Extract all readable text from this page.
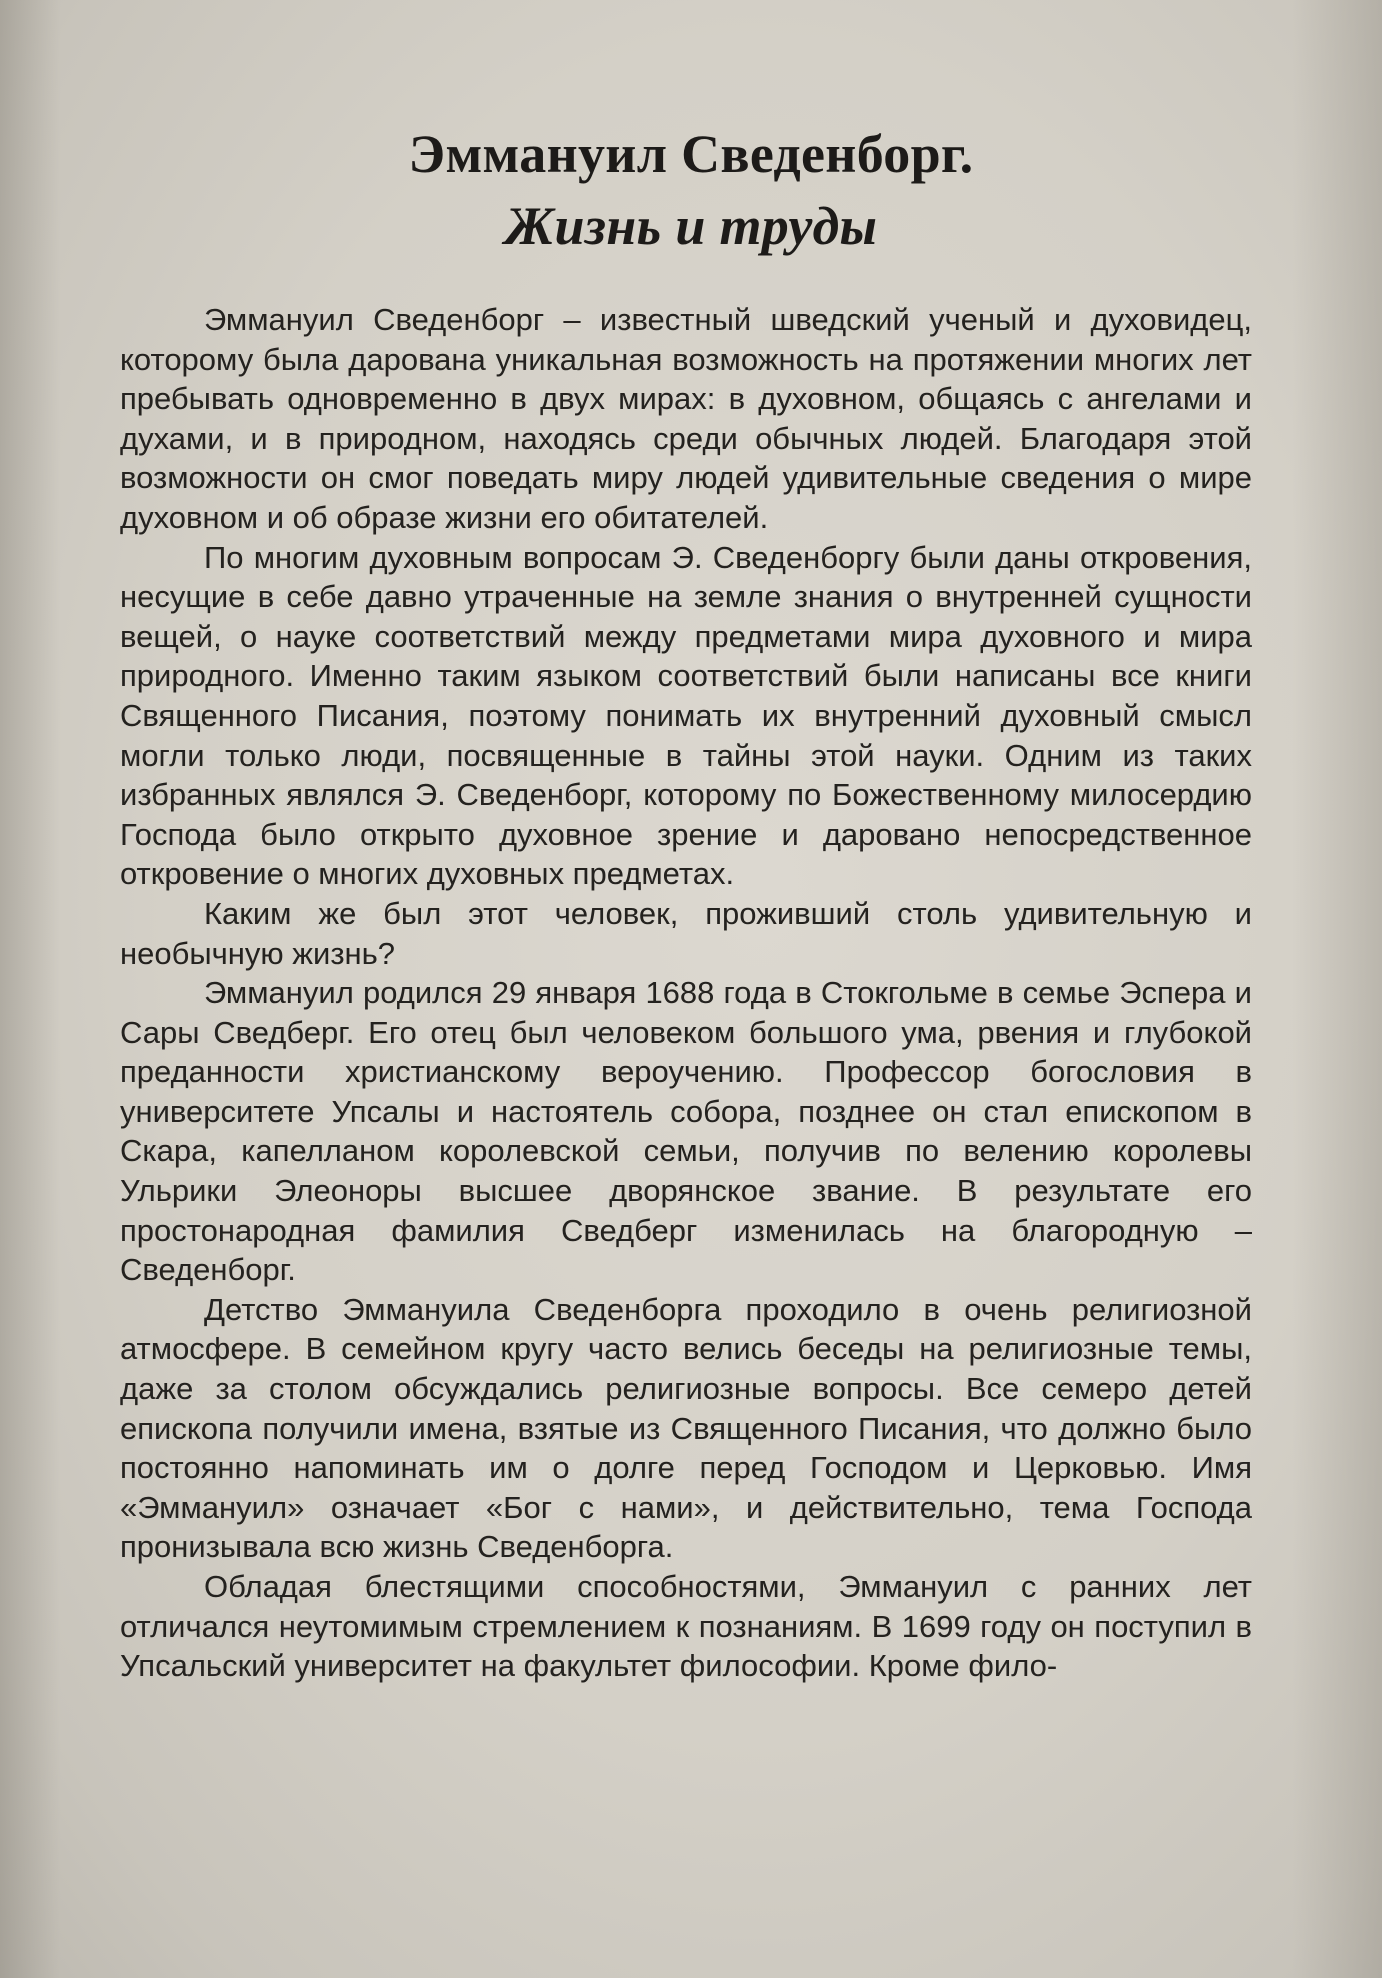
Эммануил Сведенборг.
Жизнь и труды

Эммануил Сведенборг – известный шведский ученый и духовидец, которому была дарована уникальная возможность на протяжении многих лет пребывать одновременно в двух мирах: в духовном, общаясь с ангелами и духами, и в природном, находясь среди обычных людей. Благодаря этой возможности он смог поведать миру людей удивительные сведения о мире духовном и об образе жизни его обитателей.

По многим духовным вопросам Э. Сведенборгу были даны откровения, несущие в себе давно утраченные на земле знания о внутренней сущности вещей, о науке соответствий между предметами мира духовного и мира природного. Именно таким языком соответствий были написаны все книги Священного Писания, поэтому понимать их внутренний духовный смысл могли только люди, посвященные в тайны этой науки. Одним из таких избранных являлся Э. Сведенборг, которому по Божественному милосердию Господа было открыто духовное зрение и даровано непосредственное откровение о многих духовных предметах.

Каким же был этот человек, проживший столь удивительную и необычную жизнь?

Эммануил родился 29 января 1688 года в Стокгольме в семье Эспера и Сары Сведберг. Его отец был человеком большого ума, рвения и глубокой преданности христианскому вероучению. Профессор богословия в университете Упсалы и настоятель собора, позднее он стал епископом в Скара, капелланом королевской семьи, получив по велению королевы Ульрики Элеоноры высшее дворянское звание. В результате его простонародная фамилия Сведберг изменилась на благородную – Сведенборг.

Детство Эммануила Сведенборга проходило в очень религиозной атмосфере. В семейном кругу часто велись беседы на религиозные темы, даже за столом обсуждались религиозные вопросы. Все семеро детей епископа получили имена, взятые из Священного Писания, что должно было постоянно напоминать им о долге перед Господом и Церковью. Имя «Эммануил» означает «Бог с нами», и действительно, тема Господа пронизывала всю жизнь Сведенборга.

Обладая блестящими способностями, Эммануил с ранних лет отличался неутомимым стремлением к познаниям. В 1699 году он поступил в Упсальский университет на факультет философии. Кроме фило-
